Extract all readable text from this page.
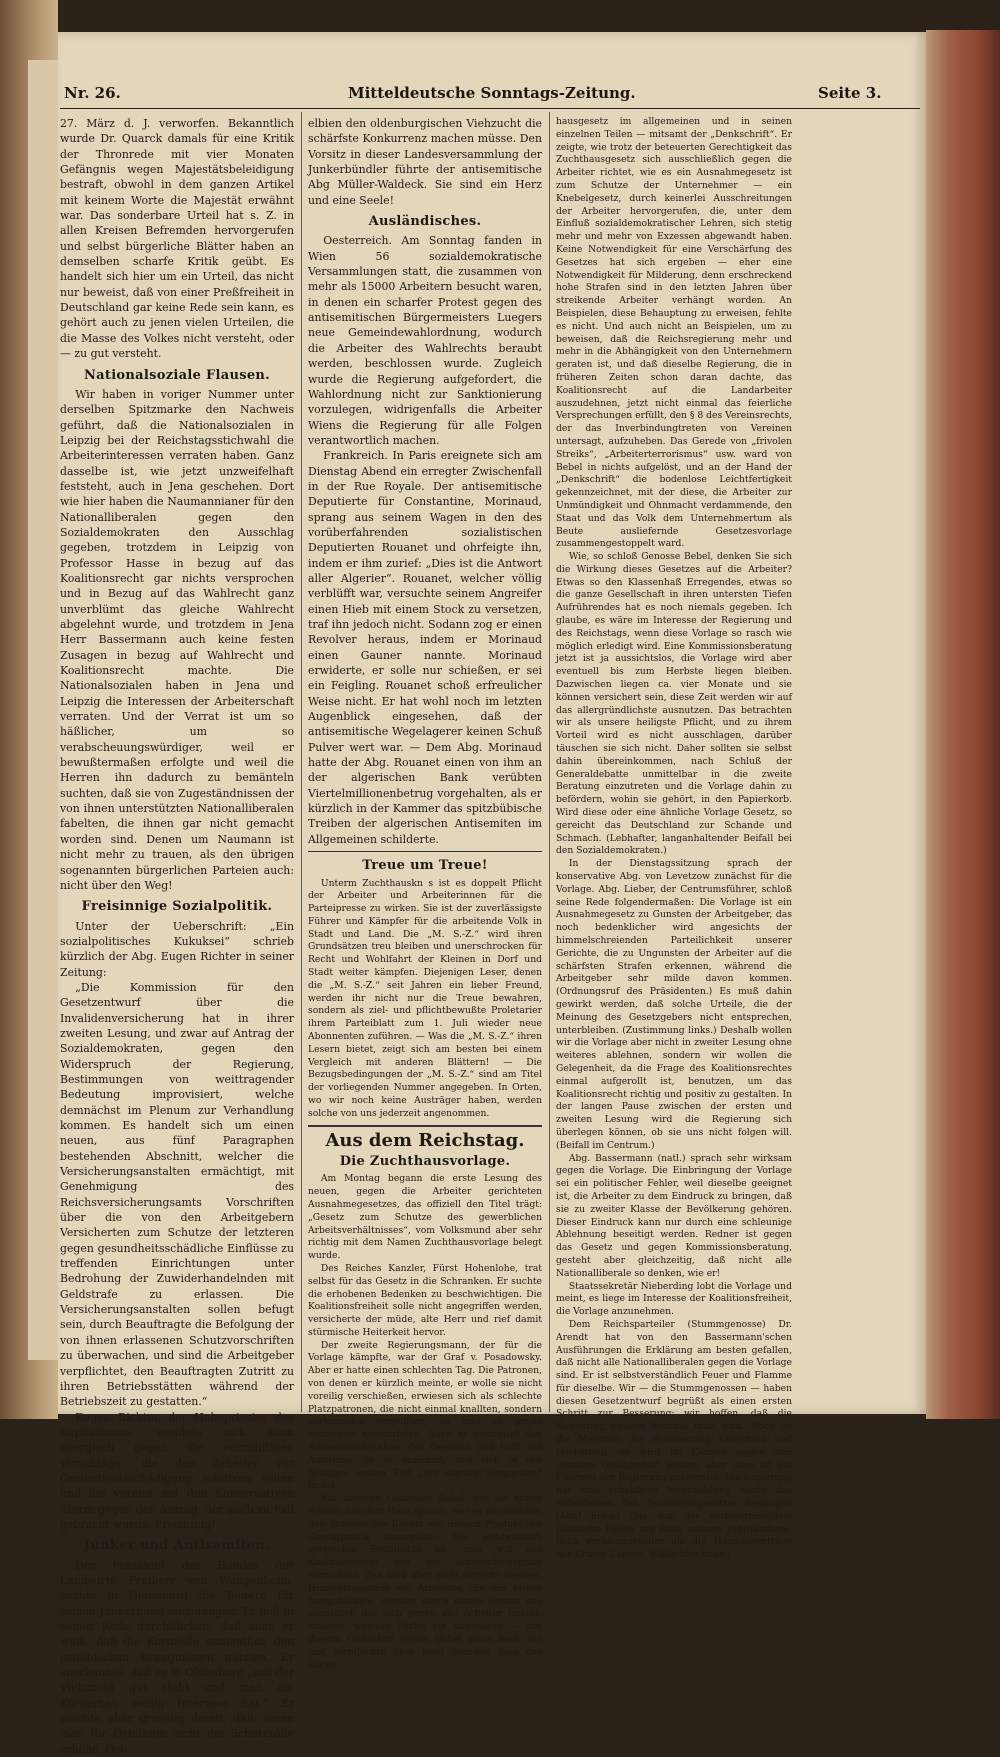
Nr. 26.	Mitteldeutsche Sonntags-Zeitung.	Seite 3.

27. März d. J. verworfen. Bekanntlich wurde Dr. Quarck damals für eine Kritik der Thronrede mit vier Monaten Gefängnis wegen Majestätsbeleidigung bestraft, obwohl in dem ganzen Artikel mit keinem Worte die Majestät erwähnt war. Das sonderbare Urteil hat s. Z. in allen Kreisen Befremden hervorgerufen und selbst bürgerliche Blätter haben an demselben scharfe Kritik geübt. Es handelt sich hier um ein Urteil, das nicht nur beweist, daß von einer Preßfreiheit in Deutschland gar keine Rede sein kann, es gehört auch zu jenen vielen Urteilen, die die Masse des Volkes nicht versteht, oder — zu gut versteht.

Nationalsoziale Flausen.

Wir haben in voriger Nummer unter derselben Spitzmarke den Nachweis geführt, daß die Nationalsozialen in Leipzig bei der Reichstagsstichwahl die Arbeiterinteressen verraten haben. Ganz dasselbe ist, wie jetzt unzweifelhaft feststeht, auch in Jena geschehen. Dort wie hier haben die Naumannianer für den Nationalliberalen gegen den Sozialdemokraten den Ausschlag gegeben, trotzdem in Leipzig von Professor Hasse in bezug auf das Koalitionsrecht gar nichts versprochen und in Bezug auf das Wahlrecht ganz unverblümt das gleiche Wahlrecht abgelehnt wurde, und trotzdem in Jena Herr Bassermann auch keine festen Zusagen in bezug auf Wahlrecht und Koalitionsrecht machte. Die Nationalsozialen haben in Jena und Leipzig die Interessen der Arbeiterschaft verraten. Und der Verrat ist um so häßlicher, um so verabscheuungswürdiger, weil er bewußtermaßen erfolgte und weil die Herren ihn dadurch zu bemänteln suchten, daß sie von Zugeständnissen der von ihnen unterstützten Nationalliberalen fabelten, die ihnen gar nicht gemacht worden sind. Denen um Naumann ist nicht mehr zu trauen, als den übrigen sogenannten bürgerlichen Parteien auch: nicht über den Weg!

Freisinnige Sozialpolitik.

Unter der Ueberschrift: „Ein sozialpolitisches Kukuksei“ schrieb kürzlich der Abg. Eugen Richter in seiner Zeitung:

„Die Kommission für den Gesetzentwurf über die Invalidenversicherung hat in ihrer zweiten Lesung, und zwar auf Antrag der Sozialdemokraten, gegen den Widerspruch der Regierung, Bestimmungen von weittragender Bedeutung improvisiert, welche demnächst im Plenum zur Verhandlung kommen. Es handelt sich um einen neuen, aus fünf Paragraphen bestehenden Abschnitt, welcher die Versicherungsanstalten ermächtigt, mit Genehmigung des Reichsversicherungsamts Vorschriften über die von den Arbeitgebern Versicherten zum Schutze der letzteren gegen gesundheitsschädliche Einflüsse zu treffenden Einrichtungen unter Bedrohung der Zuwiderhandelnden mit Geldstrafe zu erlassen. Die Versicherungsanstalten sollen befugt sein, durch Beauftragte die Befolgung der von ihnen erlassenen Schutzvorschriften zu überwachen, und sind die Arbeitgeber verpflichtet, den Beauftragten Zutritt zu ihren Betriebsstätten während der Betriebszeit zu gestatten.“

Eugen Richter, der Hohepriester des Kapitalismus, wendete sich dann energisch gegen die vernünftigen Vorschläge, die den Arbeiter vor Gesundheitsschädigung schützen sollen und lief vereint mit den Konservativen Sturm gegen den Antrag, der auch zu Fall gebracht wurde. Freisinnig!

Junker und Antisemiten.

Der Präsident des Bundes der Landwirte Freiherr von Wangenheim, suchte in Oldenburg die Bauern für seinen Junkerbund einzufangen. Er ließ in seiner Rede durchblicken, daß auch er weiß, daß die Kornzölle namentlich den ostelbischen Krautjunkern nützten. Er anerkannte, daß es in Oldenburg „mit der Viehzucht gut steht und man am Körnerbau wenig Interesse hat.“ Er machte aber gruselig damit, daß, wenn man für Ostelbien nicht die Schutzzölle erhöhe, Ost-

elbien den oldenburgischen Viehzucht die schärfste Konkurrenz machen müsse. Den Vorsitz in dieser Landesversammlung der Junkerbündler führte der antisemitische Abg Müller-Waldeck. Sie sind ein Herz und eine Seele!

Ausländisches.

Oesterreich. Am Sonntag fanden in Wien 56 sozialdemokratische Versammlungen statt, die zusammen von mehr als 15000 Arbeitern besucht waren, in denen ein scharfer Protest gegen des antisemitischen Bürgermeisters Luegers neue Gemeindewahlordnung, wodurch die Arbeiter des Wahlrechts beraubt werden, beschlossen wurde. Zugleich wurde die Regierung aufgefordert, die Wahlordnung nicht zur Sanktionierung vorzulegen, widrigenfalls die Arbeiter Wiens die Regierung für alle Folgen verantwortlich machen.

Frankreich. In Paris ereignete sich am Dienstag Abend ein erregter Zwischenfall in der Rue Royale. Der antisemitische Deputierte für Constantine, Morinaud, sprang aus seinem Wagen in den des vorüberfahrenden sozialistischen Deputierten Rouanet und ohrfeigte ihn, indem er ihm zurief: „Dies ist die Antwort aller Algerier“. Rouanet, welcher völlig verblüfft war, versuchte seinem Angreifer einen Hieb mit einem Stock zu versetzen, traf ihn jedoch nicht. Sodann zog er einen Revolver heraus, indem er Morinaud einen Gauner nannte. Morinaud erwiderte, er solle nur schießen, er sei ein Feigling. Rouanet schoß erfreulicher Weise nicht. Er hat wohl noch im letzten Augenblick eingesehen, daß der antisemitische Wegelagerer keinen Schuß Pulver wert war. — Dem Abg. Morinaud hatte der Abg. Rouanet einen von ihm an der algerischen Bank verübten Viertelmillionenbetrug vorgehalten, als er kürzlich in der Kammer das spitzbübische Treiben der algerischen Antisemiten im Allgemeinen schilderte.

Treue um Treue!

Unterm Zuchthauskn s ist es doppelt Pflicht der Arbeiter und Arbeiterinnen für die Parteipresse zu wirken. Sie ist der zuverlässigste Führer und Kämpfer für die arbeitende Volk in Stadt und Land. Die „M. S.-Z.“ wird ihren Grundsätzen treu bleiben und unerschrocken für Recht und Wohlfahrt der Kleinen in Dorf und Stadt weiter kämpfen. Diejenigen Leser, denen die „M. S.-Z.“ seit Jahren ein lieber Freund, werden ihr nicht nur die Treue bewahren, sondern als ziel- und pflichtbewußte Proletarier ihrem Parteiblatt zum 1. Juli wieder neue Abonnenten zuführen. — Was die „M. S.-Z.“ ihren Lesern bietet, zeigt sich am besten bei einem Vergleich mit anderen Blättern! — Die Bezugsbedingungen der „M. S.-Z.“ sind am Titel der vorliegenden Nummer angegeben. In Orten, wo wir noch keine Austräger haben, werden solche von uns jederzeit angenommen.

Aus dem Reichstag.
Die Zuchthausvorlage.

Am Montag begann die erste Lesung des neuen, gegen die Arbeiter gerichteten Ausnahmegesetzes, das offiziell den Titel trägt: „Gesetz zum Schutze des gewerblichen Arbeitsverhältnisses“, vom Volksmund aber sehr richtig mit dem Namen Zuchthausvorlage belegt wurde.

Des Reiches Kanzler, Fürst Hohenlohe, trat selbst für das Gesetz in die Schranken. Er suchte die erhobenen Bedenken zu beschwichtigen. Die Koalitionsfreiheit solle nicht angegriffen werden, versicherte der müde, alte Herr und rief damit stürmische Heiterkeit hervor.

Der zweite Regierungsmann, der für die Vorlage kämpfte, war der Graf v. Posadowsky. Aber er hatte einen schlechten Tag. Die Patronen, von denen er kürzlich meinte, er wolle sie nicht voreilig verschießen, erwiesen sich als schlechte Platzpatronen, die nicht einmal knallten, sondern wirkungslos verpufften, ab und zu große Heiterkeit hervorriefen. Auch er bestreitet den Ausnahmecharakter des Gesetzes und hofft auf Annahme, da er annimmt, daß sich in der heutigen ersten Zeit „ein starkes Bürgertum“ findet.

Für unseren Genossen Bebel, der als erster Redner aus dem Haus sprach, war es ein leichtes, den Schleier des Rechts von diesem Produkt der Gewaltpolitik abzureißen. Die wohlweislich versteckte Endabsicht ist: man will das Koalitionsrecht und die Arbeiterbewegung vernichten. Das wird aber nicht erreicht werden. Hunderttausende von Arbeitern, die uns bisher ferngeblieben, werden durch dieses Gesetz uns zugeführt, das sich gegen alle Arbeiter richtet, einerlei, welcher Partei sie angehören — mit diesem Gedanken leitete Bebel seine Rede ein und zerpflückte über zwei Stunden lang das Zucht-

hausgesetz im allgemeinen und in seinen einzelnen Teilen — mitsamt der „Denkschrift“. Er zeigte, wie trotz der beteuerten Gerechtigkeit das Zuchthausgesetz sich ausschließlich gegen die Arbeiter richtet, wie es ein Ausnahmegesetz ist zum Schutze der Unternehmer — ein Knebelgesetz, durch keinerlei Ausschreitungen der Arbeiter hervorgerufen, die, unter dem Einfluß sozialdemokratischer Lehren, sich stetig mehr und mehr von Exzessen abgewandt haben. Keine Notwendigkeit für eine Verschärfung des Gesetzes hat sich ergeben — eher eine Notwendigkeit für Milderung, denn erschreckend hohe Strafen sind in den letzten Jahren über streikende Arbeiter verhängt worden. An Beispielen, diese Behauptung zu erweisen, fehlte es nicht. Und auch nicht an Beispielen, um zu beweisen, daß die Reichsregierung mehr und mehr in die Abhängigkeit von den Unternehmern geraten ist, und daß dieselbe Regierung, die in früheren Zeiten schon daran dachte, das Koalitionsrecht auf die Landarbeiter auszudehnen, jetzt nicht einmal das feierliche Versprechungen erfüllt, den § 8 des Vereinsrechts, der das Inverbindungtreten von Vereinen untersagt, aufzuheben. Das Gerede von „frivolen Streiks“, „Arbeiterterrorismus“ usw. ward von Bebel in nichts aufgelöst, und an der Hand der „Denkschrift“ die bodenlose Leichtfertigkeit gekennzeichnet, mit der diese, die Arbeiter zur Unmündigkeit und Ohnmacht verdammende, den Staat und das Volk dem Unternehmertum als Beute ausliefernde Gesetzesvorlage zusammengestoppelt ward.

Wie, so schloß Genosse Bebel, denken Sie sich die Wirkung dieses Gesetzes auf die Arbeiter? Etwas so den Klassenhaß Erregendes, etwas so die ganze Gesellschaft in ihren untersten Tiefen Aufrührendes hat es noch niemals gegeben. Ich glaube, es wäre im Interesse der Regierung und des Reichstags, wenn diese Vorlage so rasch wie möglich erledigt wird. Eine Kommissionsberatung jetzt ist ja aussichtslos, die Vorlage wird aber eventuell bis zum Herbste liegen bleiben. Dazwischen liegen ca. vier Monate und sie können versichert sein, diese Zeit werden wir auf das allergründlichste ausnutzen. Das betrachten wir als unsere heiligste Pflicht, und zu ihrem Vorteil wird es nicht ausschlagen, darüber täuschen sie sich nicht. Daher sollten sie selbst dahin übereinkommen, nach Schluß der Generaldebatte unmittelbar in die zweite Beratung einzutreten und die Vorlage dahin zu befördern, wohin sie gehört, in den Papierkorb. Wird diese oder eine ähnliche Vorlage Gesetz, so gereicht das Deutschland zur Schande und Schmach. (Lebhafter, langanhaltender Beifall bei den Sozialdemokraten.)

In der Dienstagssitzung sprach der konservative Abg. von Levetzow zunächst für die Vorlage. Abg. Lieber, der Centrumsführer, schloß seine Rede folgendermaßen: Die Vorlage ist ein Ausnahmegesetz zu Gunsten der Arbeitgeber, das noch bedenklicher wird angesichts der himmelschreienden Parteilichkeit unserer Gerichte, die zu Ungunsten der Arbeiter auf die schärfsten Strafen erkennen, während die Arbeitgeber sehr milde davon kommen. (Ordnungsruf des Präsidenten.) Es muß dahin gewirkt werden, daß solche Urteile, die der Meinung des Gesetzgebers nicht entsprechen, unterbleiben. (Zustimmung links.) Deshalb wollen wir die Vorlage aber nicht in zweiter Lesung ohne weiteres ablehnen, sondern wir wollen die Gelegenheit, da die Frage des Koalitionsrechtes einmal aufgerollt ist, benutzen, um das Koalitionsrecht richtig und positiv zu gestalten. In der langen Pause zwischen der ersten und zweiten Lesung wird die Regierung sich überlegen können, ob sie uns nicht folgen will. (Beifall im Centrum.)

Abg. Bassermann (natl.) sprach sehr wirksam gegen die Vorlage. Die Einbringung der Vorlage sei ein politischer Fehler, weil dieselbe geeignet ist, die Arbeiter zu dem Eindruck zu bringen, daß sie zu zweiter Klasse der Bevölkerung gehören. Dieser Eindruck kann nur durch eine schleunige Ablehnung beseitigt werden. Redner ist gegen das Gesetz und gegen Kommissionsberatung, gesteht aber gleichzeitig, daß nicht alle Nationalliberale so denken, wie er!

Staatssekretär Nieberding lobt die Vorlage und meint, es liege im Interesse der Koalitionsfreiheit, die Vorlage anzunehmen.

Dem Reichsparteiler (Stummgenosse) Dr. Arendt hat von den Bassermann'schen Ausführungen die Erklärung am besten gefallen, daß nicht alle Nationalliberalen gegen die Vorlage sind. Er ist selbstverständlich Feuer und Flamme für dieselbe. Wir — die Stummgenossen — haben diesen Gesetzentwurf begrüßt als einen ersten Schritt zur Besserung; wir hoffen, daß die Regierung weitere Schritte thun wird. Noch ist die Mehrheit der Bevölkerung kaisertreu und reichstreu; sie wird im Kampfe gegen den Umsturz Gefolgschaft leisten, aber dazu ist die Führung der Regierung notwendig. Die Regierung hat eine erhebliche Verschuldung durch das Fallenlassen des Sozialistengesetzes begangen (Aha! links.) Das war der verhängnisvollste politische Fehler am Ende unseres Jahrhunderts, noch verhängnisvoller als die Handelsverträge des Grafen Caprivi. (Gelächter links.)
